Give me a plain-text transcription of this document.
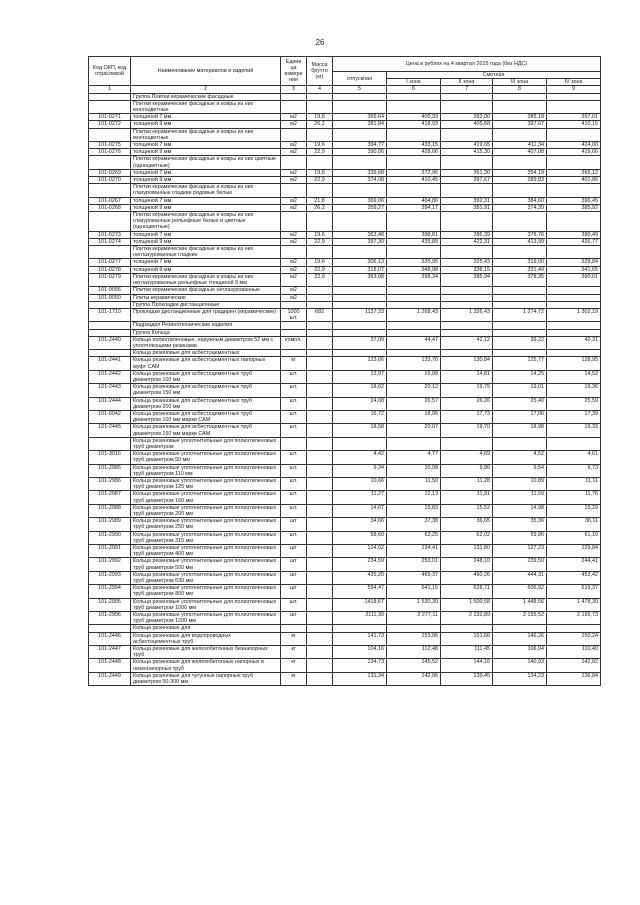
26
Код ОКП, код отраслевой	Наименование материалов и изделий	Едини ца измере ния	Масса брутто (кг)	Цена в рублях на 4 квартал 2015 года (без НДС)				
				отпускная	Сметная			
					I зона	II зона	III зона	IV зона
1	2	3	4	5	6	7	8	9
	Группа Плитки керамические фасадные							
	Плитки керамические фасадные и ковры из них многоцветные							
101-0271	толщиной 7 мм	м2	19,6	369,64	405,93	392,00	385,18	397,01
101-0272	толщиной 9 мм	м2	26,2	381,84	418,93	405,68	397,67	410,15
	Плитки керамические фасадные и ковры из них многоцветные							
101-0275	толщиной 7 мм	м2	19,6	394,77	433,15	419,65	411,34	424,00
101-0276	толщиной 9 мм	м2	22,9	390,06	428,66	415,30	407,08	419,66
	Плитки керамические фасадные и ковры из них цветные (одноцветные)							
101-0269	толщиной 7 мм	м2	19,6	339,68	372,96	361,30	354,19	365,12
101-0270	толщиной 9 мм	м2	22,9	374,08	410,45	397,67	389,83	401,86
	Плитки керамические фасадные и ковры из них глазурованные гладкие рядовые белые							
101-0267	толщиной 7 мм	м2	21,8	369,06	404,86	392,31	384,60	396,45
101-0268	толщиной 9 мм	м2	26,2	359,27	394,17	381,91	374,39	385,92
	Плитки керамические фасадные и ковры из них глазурованные рельефные белые и цветные (одноцветные)							
101-0273	толщиной 7 мм	м2	19,6	363,48	398,81	386,39	378,76	390,49
101-0274	толщиной 9 мм	м2	22,9	397,30	435,89	422,31	413,99	426,77
	Плитки керамические фасадные и ковры из них неглазурованные гладкие							
101-0277	толщиной 7 мм	м2	19,6	306,13	335,95	325,43	319,00	328,84
101-0278	толщиной 9 мм	м2	22,9	318,07	348,98	338,15	331,49	341,65
101-0279	Плитки керамические фасадные и ковры из них неглазурованные рельефные толщиной 9 мм	м2	22,9	363,08	398,34	385,94	378,35	390,01
101-9056	Плитки керамические фасадные неглазурованные	м2						
101-9050	Плиты керамические	м2						
	Группа Прокладки дистанционные							
101-1710	Прокладки дистанционные для градирен (керамические)	1000 шт.	682	1137,33	1 268,43	1 326,43	1 274,72	1 302,19
	Подраздел Резинотехнические изделия							
	Группа Кольца							
101-2440	Кольца полиэтиленовые, наружным диаметром 52 мм с уплотняющими резинами	компл.		37,09	44,47	42,12	39,22	40,31
	Кольца резиновые для асбестоцементных							
101-2441	Кольца резиновые для асбестоцементных напорных муфт САМ	кг		123,06	133,70	130,84	125,77	128,95
101-2442	Кольца резиновые для асбестоцементных труб диаметром 100 мм	шт.		13,97	15,08	14,81	14,25	14,53
101-2443	Кольца резиновые для асбестоцементных труб диаметром 150 мм	шт.		18,62	20,12	19,75	19,01	19,36
101-2444	Кольца резиновые для асбестоцементных труб диаметром 200 мм	шт.		24,68	26,57	26,26	25,40	25,59
101-6042	Кольца резиновые для асбестоцементных труб диаметром 100 мм марки САМ	шт.		16,72	18,06	17,73	17,06	17,39
101-2445	Кольца резиновые для асбестоцементных труб диаметром 150 мм марки САМ	шт.		18,58	20,07	19,70	18,98	19,33
	Кольца резиновые уплотнительные для полиэтиленовых труб диаметром							
101-3016	Кольца резиновые уплотнительные для полиэтиленовых труб диаметром 50 мм	шт.		4,42	4,77	4,69	4,52	4,61
101-2985	Кольца резиновые уплотнительные для полиэтиленовых труб диаметром 110 мм	шт.		9,34	10,08	9,86	9,54	9,73
101-2986	Кольца резиновые уплотнительные для полиэтиленовых труб диаметром 125 мм	шт.		10,66	11,50	11,28	10,89	11,11
101-2987	Кольца резиновые уплотнительные для полиэтиленовых труб диаметром 160 мм	шт.		11,27	12,13	11,91	11,59	11,76
101-2988	Кольца резиновые уплотнительные для полиэтиленовых труб диаметром 200 мм	шт.		14,67	15,83	15,52	14,98	15,29
101-2989	Кольца резиновые уплотнительные для полиэтиленовых труб диаметром 250 мм	шт		34,66	37,38	36,65	35,36	36,11
101-2990	Кольца резиновые уплотнительные для полиэтиленовых труб диаметром 315 мм	шт.		58,60	63,25	62,02	59,86	61,10
101-2991	Кольца резиновые уплотнительные для полиэтиленовых труб диаметром 400 мм	шт		124,62	134,41	131,80	127,23	129,84
101-2992	Кольца резиновые уплотнительные для полиэтиленовых труб диаметром 500 мм	шт		234,59	253,01	248,10	239,50	244,41
101-2993	Кольца резиновые уплотнительные для полиэтиленовых труб диаметром 630 мм	шт		435,20	469,37	460,26	444,31	453,42
101-2994	Кольца резиновые уплотнительные для полиэтиленовых труб диаметром 800 мм	шт		594,47	641,15	628,71	606,92	619,37
101-2995	Кольца резиновые уплотнительные для полиэтиленовых труб диаметром 1000 мм	шт.		1418,67	1 530,30	1 500,58	1 448,56	1 478,30
101-2996	Кольца резиновые уплотнительные для полиэтиленовых труб диаметром 1200 мм	шт		2111,30	2 277,11	2 232,89	2 155,52	2 199,73
	Кольца резиновые для							
101-2446	Кольца резиновые для водопроводных асбестоцементных труб	кг		141,73	153,06	151,66	146,26	150,24
101-2447	Кольца резиновые для железобетонных безнапорных труб	кг		104,16	112,48	111,45	106,94	110,40
101-2448	Кольца резиновые для железобетонных напорных и низконапорных труб	кг		134,73	145,52	144,16	140,93	142,82
101-2449	Кольца резиновые для чугунных напорных труб диаметром 50-300 мм	кг		131,34	142,06	139,45	134,23	136,84
